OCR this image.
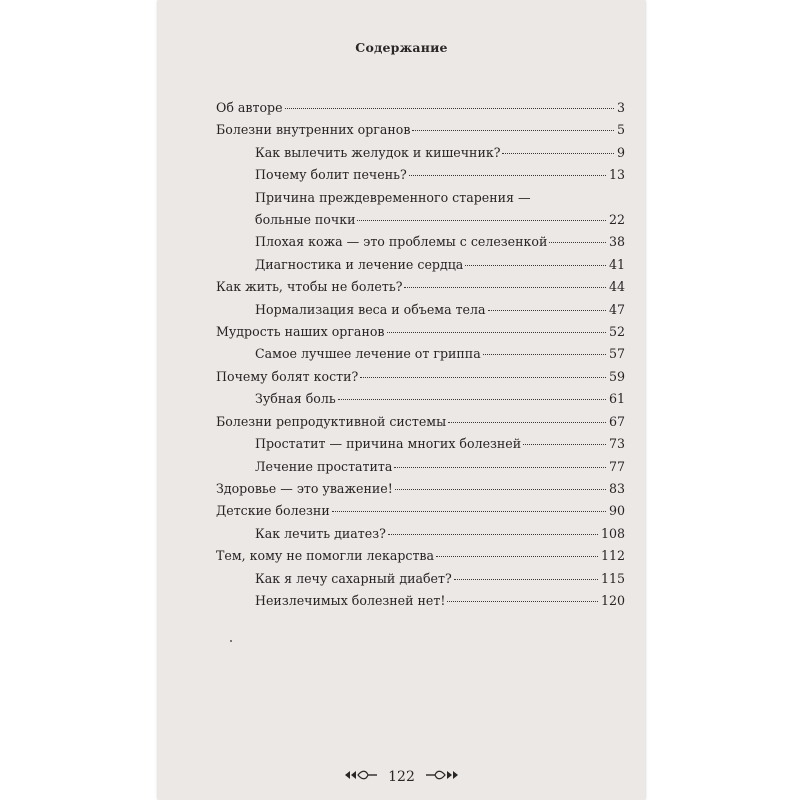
Содержание
Об авторе	3
Болезни внутренних органов	5
Как вылечить желудок и кишечник?	9
Почему болит печень?	13
Причина преждевременного старения —
больные почки	22
Плохая кожа — это проблемы с селезенкой	38
Диагностика и лечение сердца	41
Как жить, чтобы не болеть?	44
Нормализация веса и объема тела	47
Мудрость наших органов	52
Самое лучшее лечение от гриппа	57
Почему болят кости?	59
Зубная боль	61
Болезни репродуктивной системы	67
Простатит — причина многих болезней	73
Лечение простатита	77
Здоровье — это уважение!	83
Детские болезни	90
Как лечить диатез?	108
Тем, кому не помогли лекарства	112
Как я лечу сахарный диабет?	115
Неизлечимых болезней нет!	120
122
